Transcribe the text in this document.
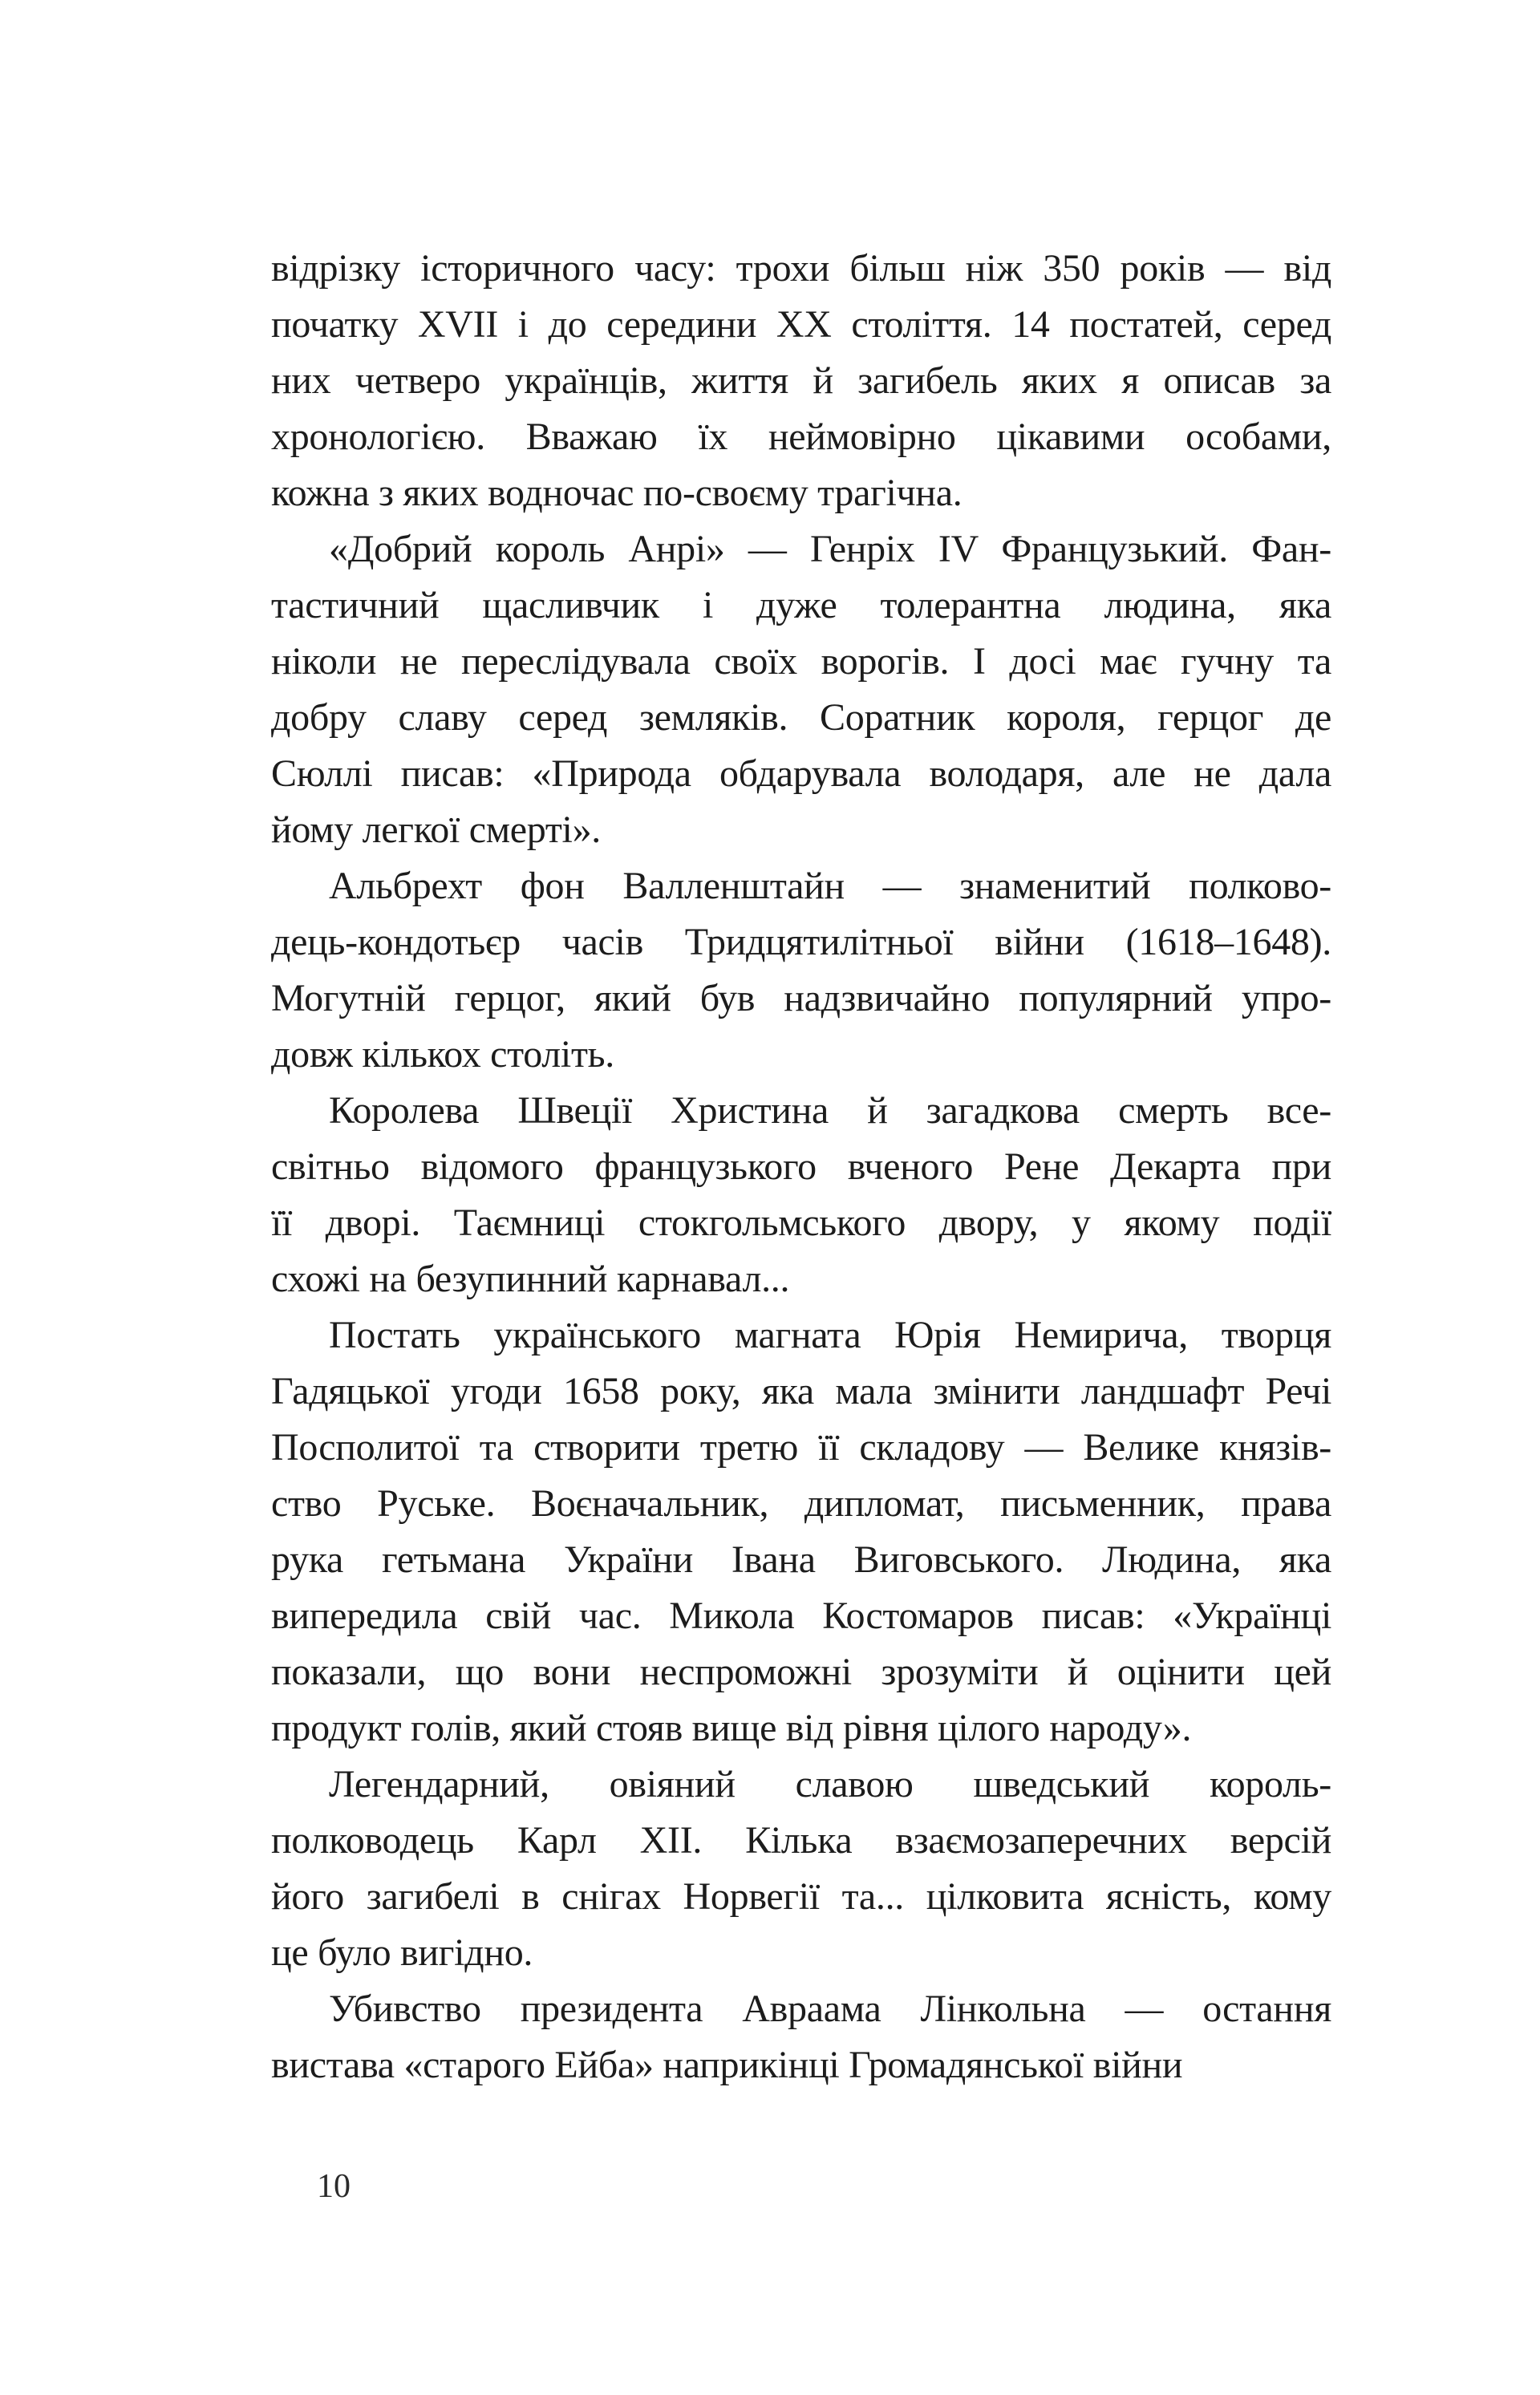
відрізку історичного часу: трохи більш ніж 350 років — від
початку XVII і до середини XX століття. 14 постатей, серед
них четверо українців, життя й загибель яких я описав за
хронологією. Вважаю їх неймовірно цікавими особами,
кожна з яких водночас по-своєму трагічна.

«Добрий король Анрі» — Генріх IV Французький. Фан-
тастичний щасливчик і дуже толерантна людина, яка
ніколи не переслідувала своїх ворогів. І досі має гучну та
добру славу серед земляків. Соратник короля, герцог де
Сюллі писав: «Природа обдарувала володаря, але не дала
йому легкої смерті».

Альбрехт фон Валленштайн — знаменитий полково-
дець-кондотьєр часів Тридцятилітньої війни (1618–1648).
Могутній герцог, який був надзвичайно популярний упро-
довж кількох століть.

Королева Швеції Христина й загадкова смерть все-
світньо відомого французького вченого Рене Декарта при
її дворі. Таємниці стокгольмського двору, у якому події
схожі на безупинний карнавал...

Постать українського магната Юрія Немирича, творця
Гадяцької угоди 1658 року, яка мала змінити ландшафт Речі
Посполитої та створити третю її складову — Велике князів-
ство Руське. Воєначальник, дипломат, письменник, права
рука гетьмана України Івана Виговського. Людина, яка
випередила свій час. Микола Костомаров писав: «Українці
показали, що вони неспроможні зрозуміти й оцінити цей
продукт голів, який стояв вище від рівня цілого народу».

Легендарний, овіяний славою шведський король-
полководець Карл XII. Кілька взаємозаперечних версій
його загибелі в снігах Норвегії та... цілковита ясність, кому
це було вигідно.

Убивство президента Авраама Лінкольна — остання
вистава «старого Ейба» наприкінці Громадянської війни

10
